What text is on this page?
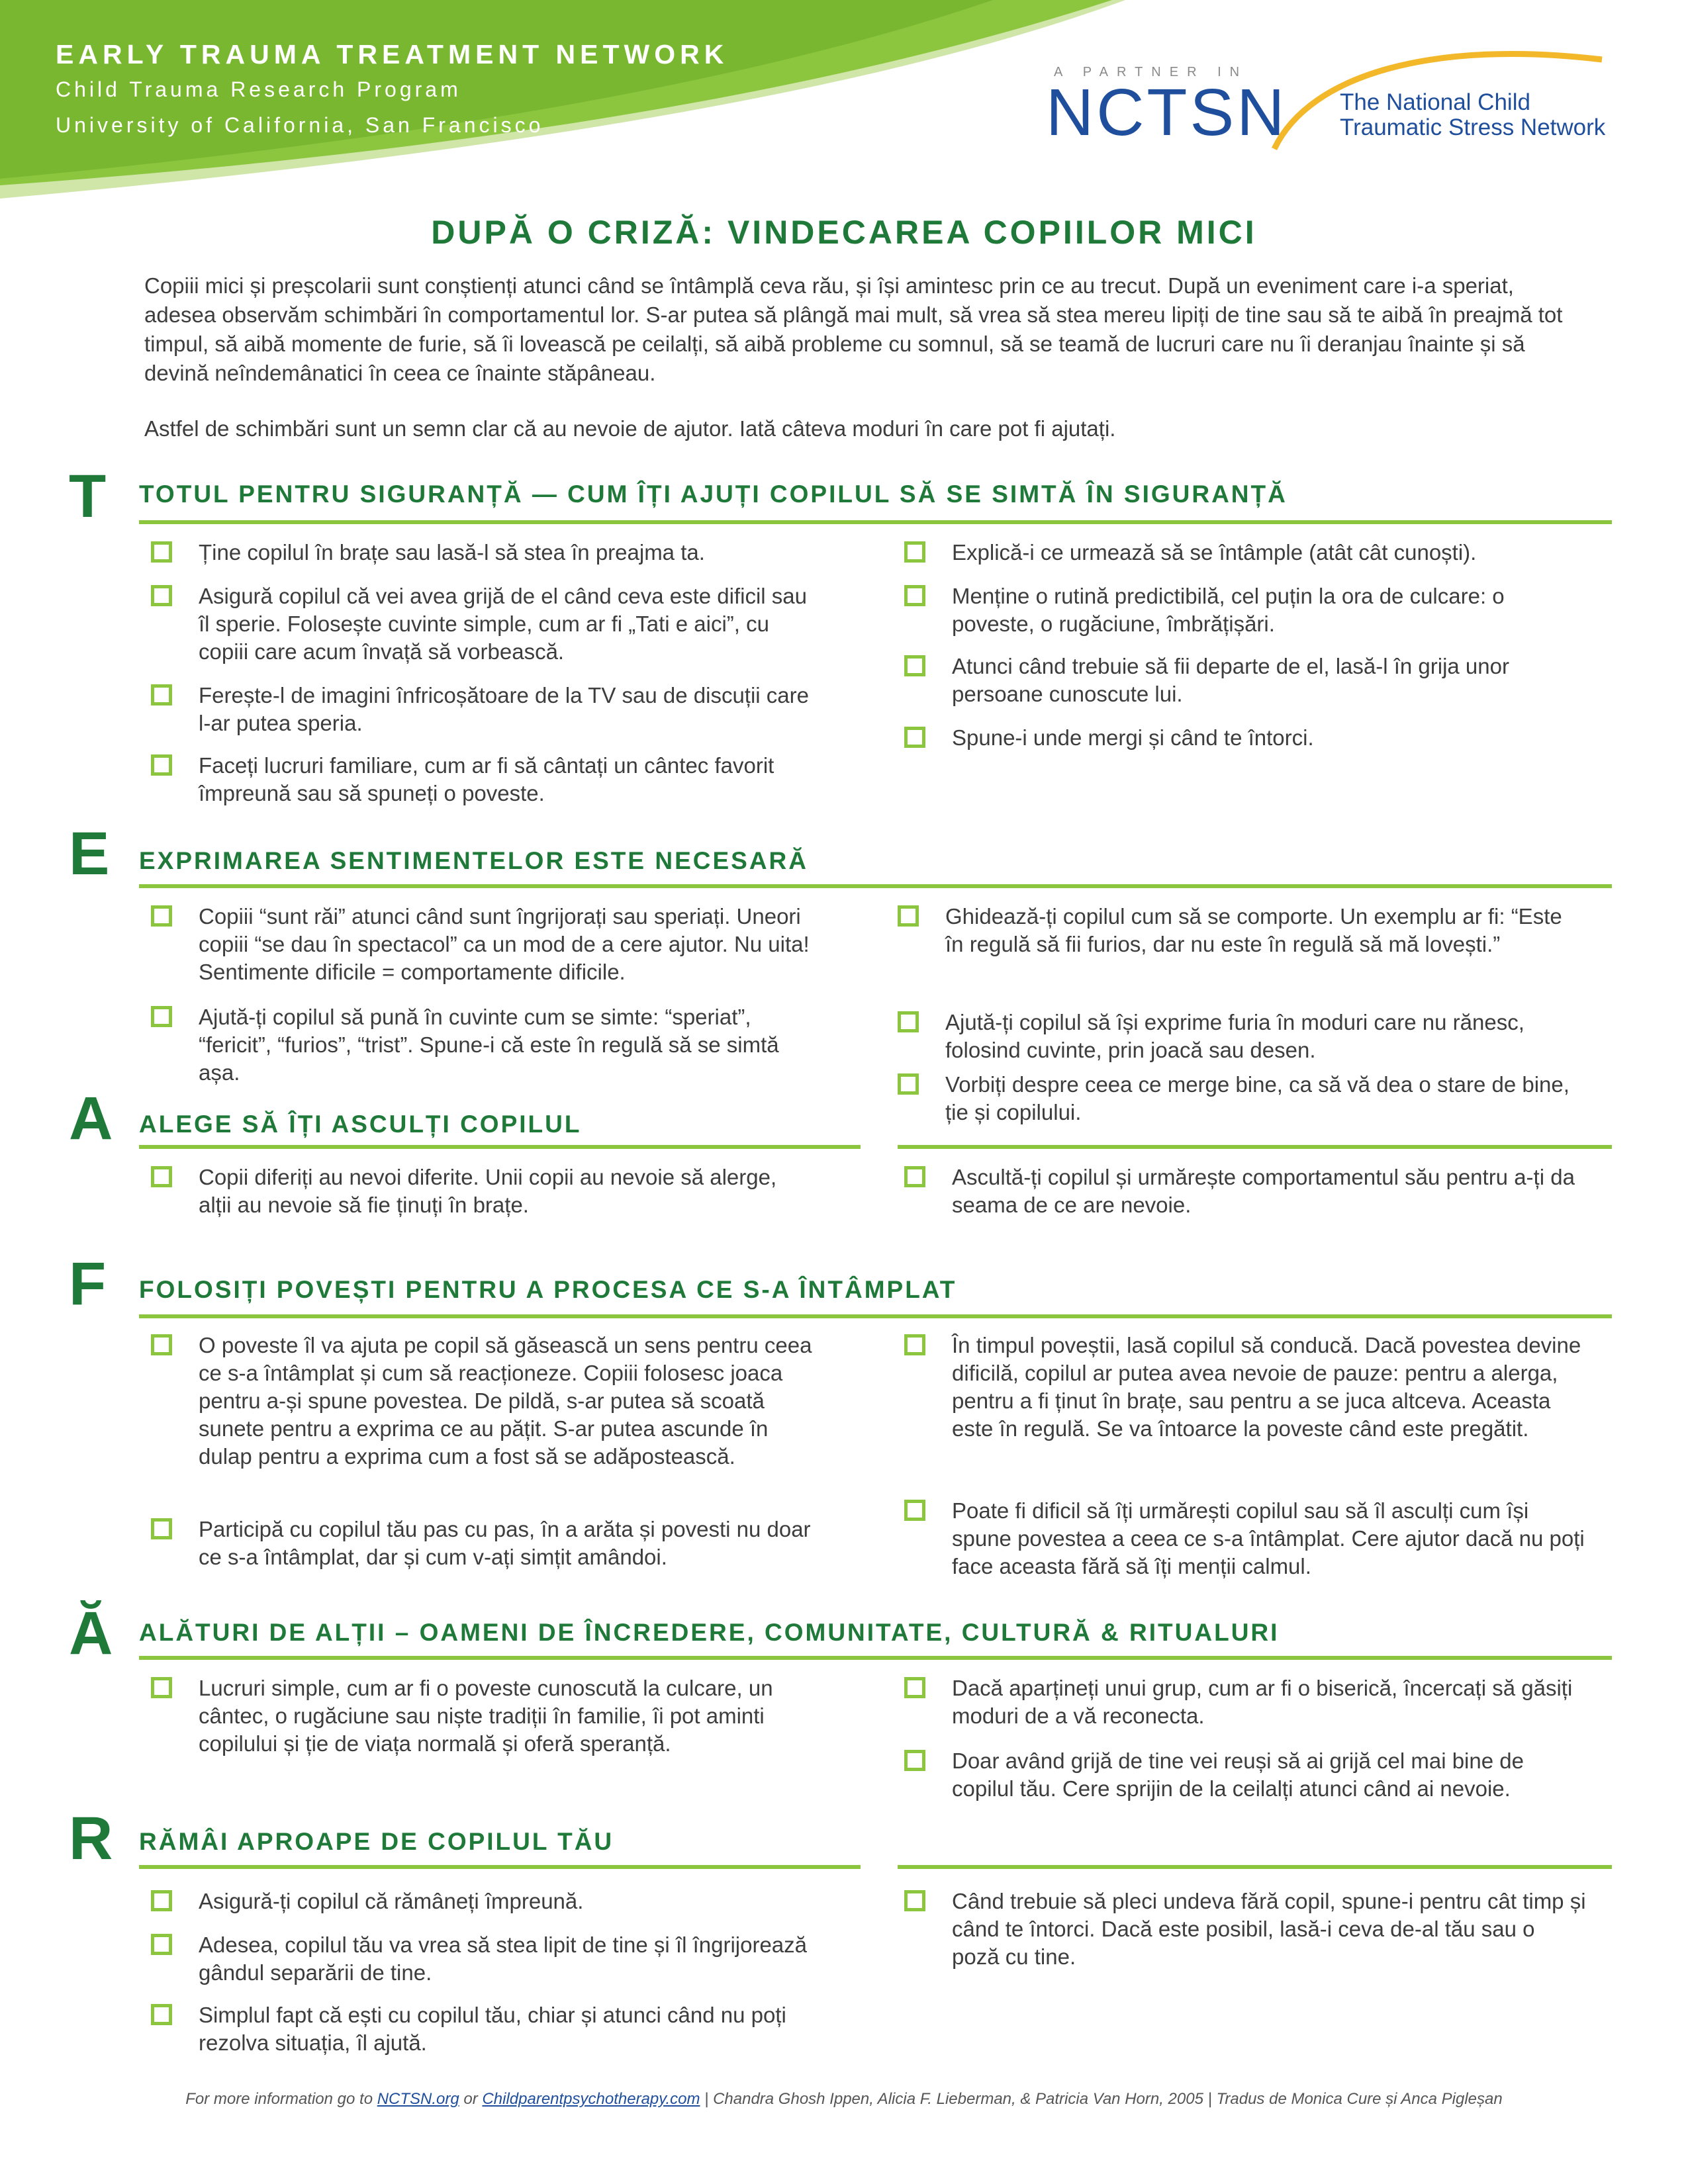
EARLY TRAUMA TREATMENT NETWORK
Child Trauma Research Program
University of California, San Francisco
A PARTNER IN
NCTSN The National Child
Traumatic Stress Network
DUPĂ O CRIZĂ: VINDECAREA COPIILOR MICI
Copiii mici și preșcolarii sunt conștienți atunci când se întâmplă ceva rău, și își amintesc prin ce au trecut. După un eveniment care i-a speriat, adesea observăm schimbări în comportamentul lor. S-ar putea să plângă mai mult, să vrea să stea mereu lipiți de tine sau să te aibă în preajmă tot timpul, să aibă momente de furie, să îi lovească pe ceilalți, să aibă probleme cu somnul, să se teamă de lucruri care nu îi deranjau înainte și să devină neîndemânatici în ceea ce înainte stăpâneau.
Astfel de schimbări sunt un semn clar că au nevoie de ajutor. Iată câteva moduri în care pot fi ajutați.
T TOTUL PENTRU SIGURANȚĂ — CUM ÎȚI AJUȚI COPILUL SĂ SE SIMTĂ ÎN SIGURANȚĂ
Ține copilul în brațe sau lasă-l să stea în preajma ta.
Asigură copilul că vei avea grijă de el când ceva este dificil sau îl sperie. Folosește cuvinte simple, cum ar fi „Tati e aici”, cu copiii care acum învață să vorbească.
Ferește-l de imagini înfricoșătoare de la TV sau de discuții care l-ar putea speria.
Faceți lucruri familiare, cum ar fi să cântați un cântec favorit împreună sau să spuneți o poveste.
Explică-i ce urmează să se întâmple (atât cât cunoști).
Menține o rutină predictibilă, cel puțin la ora de culcare: o poveste, o rugăciune, îmbrățișări.
Atunci când trebuie să fii departe de el, lasă-l în grija unor persoane cunoscute lui.
Spune-i unde mergi și când te întorci.
E EXPRIMAREA SENTIMENTELOR ESTE NECESARĂ
Copiii “sunt răi” atunci când sunt îngrijorați sau speriați. Uneori copiii “se dau în spectacol” ca un mod de a cere ajutor. Nu uita! Sentimente dificile = comportamente dificile.
Ajută-ți copilul să pună în cuvinte cum se simte: “speriat”, “fericit”, “furios”, “trist”. Spune-i că este în regulă să se simtă așa.
Ghidează-ți copilul cum să se comporte. Un exemplu ar fi: “Este în regulă să fii furios, dar nu este în regulă să mă lovești.”
Ajută-ți copilul să își exprime furia în moduri care nu rănesc, folosind cuvinte, prin joacă sau desen.
Vorbiți despre ceea ce merge bine, ca să vă dea o stare de bine, ție și copilului.
A ALEGE SĂ ÎȚI ASCULȚI COPILUL
Copii diferiți au nevoi diferite. Unii copii au nevoie să alerge, alții au nevoie să fie ținuți în brațe.
Ascultă-ți copilul și urmărește comportamentul său pentru a-ți da seama de ce are nevoie.
F FOLOSIȚI POVEȘTI PENTRU A PROCESA CE S-A ÎNTÂMPLAT
O poveste îl va ajuta pe copil să găsească un sens pentru ceea ce s-a întâmplat și cum să reacționeze. Copiii folosesc joaca pentru a-și spune povestea. De pildă, s-ar putea să scoată sunete pentru a exprima ce au pățit. S-ar putea ascunde în dulap pentru a exprima cum a fost să se adăpostească.
Participă cu copilul tău pas cu pas, în a arăta și povesti nu doar ce s-a întâmplat, dar și cum v-ați simțit amândoi.
În timpul poveștii, lasă copilul să conducă. Dacă povestea devine dificilă, copilul ar putea avea nevoie de pauze: pentru a alerga, pentru a fi ținut în brațe, sau pentru a se juca altceva. Aceasta este în regulă. Se va întoarce la poveste când este pregătit.
Poate fi dificil să îți urmărești copilul sau să îl asculți cum își spune povestea a ceea ce s-a întâmplat. Cere ajutor dacă nu poți face aceasta fără să îți menții calmul.
Ă ALĂTURI DE ALȚII – OAMENI DE ÎNCREDERE, COMUNITATE, CULTURĂ & RITUALURI
Lucruri simple, cum ar fi o poveste cunoscută la culcare, un cântec, o rugăciune sau niște tradiții în familie, îi pot aminti copilului și ție de viața normală și oferă speranță.
Dacă aparțineți unui grup, cum ar fi o biserică, încercați să găsiți moduri de a vă reconecta.
Doar având grijă de tine vei reuși să ai grijă cel mai bine de copilul tău. Cere sprijin de la ceilalți atunci când ai nevoie.
R RĂMÂI APROAPE DE COPILUL TĂU
Asigură-ți copilul că rămâneți împreună.
Adesea, copilul tău va vrea să stea lipit de tine și îl îngrijorează gândul separării de tine.
Simplul fapt că ești cu copilul tău, chiar și atunci când nu poți rezolva situația, îl ajută.
Când trebuie să pleci undeva fără copil, spune-i pentru cât timp și când te întorci. Dacă este posibil, lasă-i ceva de-al tău sau o poză cu tine.
For more information go to NCTSN.org or Childparentpsychotherapy.com | Chandra Ghosh Ippen, Alicia F. Lieberman, & Patricia Van Horn, 2005 | Tradus de Monica Cure și Anca Pigleșan
